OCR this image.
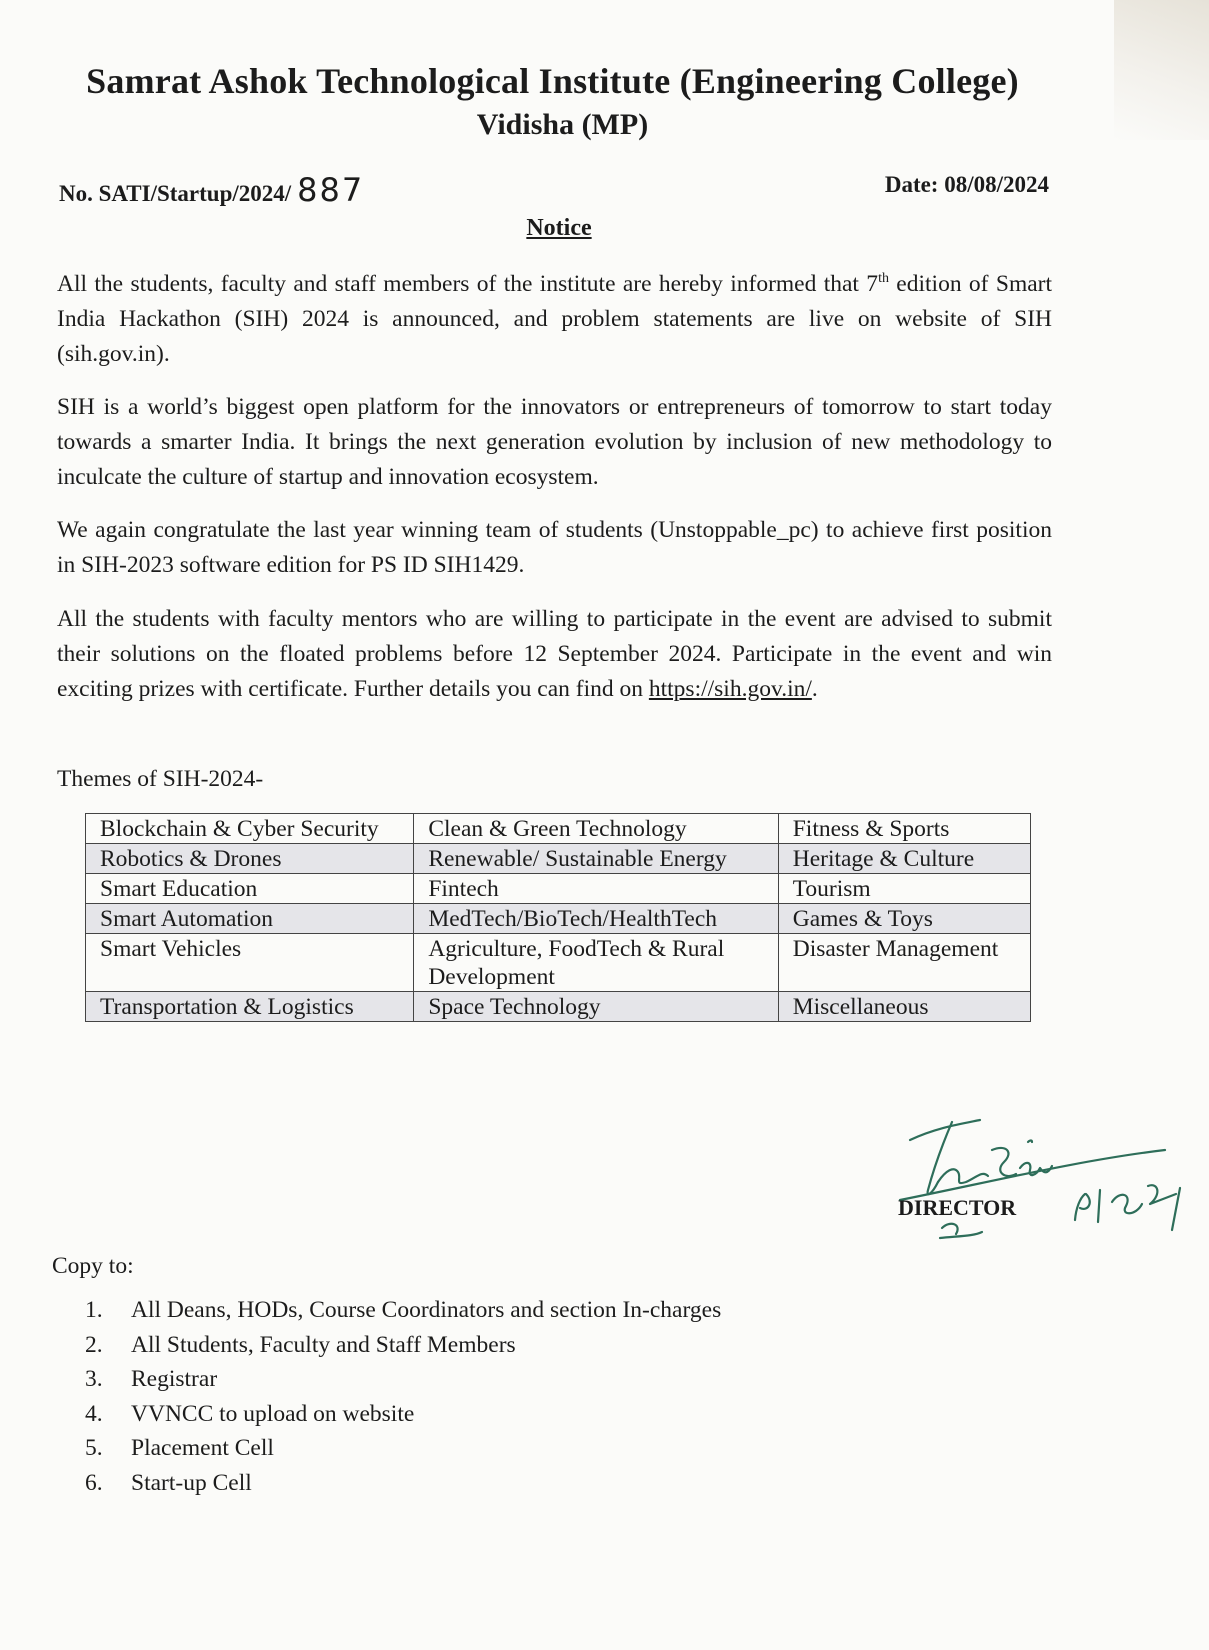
Samrat Ashok Technological Institute (Engineering College)
Vidisha (MP)
No. SATI/Startup/2024/ 887	Date: 08/08/2024
Notice
All the students, faculty and staff members of the institute are hereby informed that 7th edition of Smart India Hackathon (SIH) 2024 is announced, and problem statements are live on website of SIH (sih.gov.in).
SIH is a world’s biggest open platform for the innovators or entrepreneurs of tomorrow to start today towards a smarter India. It brings the next generation evolution by inclusion of new methodology to inculcate the culture of startup and innovation ecosystem.
We again congratulate the last year winning team of students (Unstoppable_pc) to achieve first position in SIH-2023 software edition for PS ID SIH1429.
All the students with faculty mentors who are willing to participate in the event are advised to submit their solutions on the floated problems before 12 September 2024. Participate in the event and win exciting prizes with certificate. Further details you can find on https://sih.gov.in/.
Themes of SIH-2024-
Blockchain & Cyber Security	Clean & Green Technology	Fitness & Sports
Robotics & Drones	Renewable/ Sustainable Energy	Heritage & Culture
Smart Education	Fintech	Tourism
Smart Automation	MedTech/BioTech/HealthTech	Games & Toys
Smart Vehicles	Agriculture, FoodTech & Rural Development	Disaster Management
Transportation & Logistics	Space Technology	Miscellaneous
DIRECTOR
Copy to:
1. All Deans, HODs, Course Coordinators and section In-charges
2. All Students, Faculty and Staff Members
3. Registrar
4. VVNCC to upload on website
5. Placement Cell
6. Start-up Cell
